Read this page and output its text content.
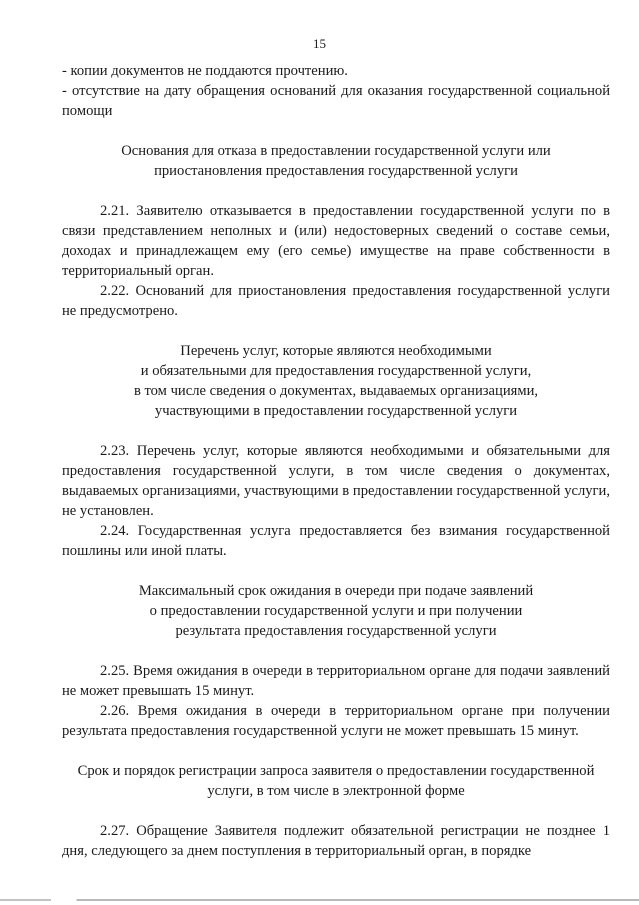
15

- копии документов не поддаются прочтению.

- отсутствие на дату обращения оснований для оказания государственной социальной помощи

Основания для отказа в предоставлении государственной услуги или

приостановления предоставления государственной услуги

2.21. Заявителю отказывается в предоставлении государственной услуги по в связи представлением неполных и (или) недостоверных сведений о составе семьи, доходах и принадлежащем ему (его семье) имуществе на праве собственности в территориальный орган.

2.22. Оснований для приостановления предоставления государственной услуги не предусмотрено.

Перечень услуг, которые являются необходимыми

и обязательными для предоставления государственной услуги,

в том числе сведения о документах, выдаваемых организациями,

участвующими в предоставлении государственной услуги

2.23. Перечень услуг, которые являются необходимыми и обязательными для предоставления государственной услуги, в том числе сведения о документах, выдаваемых организациями, участвующими в предоставлении государственной услуги, не установлен.

2.24. Государственная услуга предоставляется без взимания государственной пошлины или иной платы.

Максимальный срок ожидания в очереди при подаче заявлений

о предоставлении государственной услуги и при получении

результата предоставления государственной услуги

2.25. Время ожидания в очереди в территориальном органе для подачи заявлений не может превышать 15 минут.

2.26. Время ожидания в очереди в территориальном органе при получении результата предоставления государственной услуги не может превышать 15 минут.

Срок и порядок регистрации запроса заявителя о предоставлении государственной

услуги, в том числе в электронной форме

2.27. Обращение Заявителя подлежит обязательной регистрации не позднее 1 дня, следующего за днем поступления в территориальный орган, в порядке
